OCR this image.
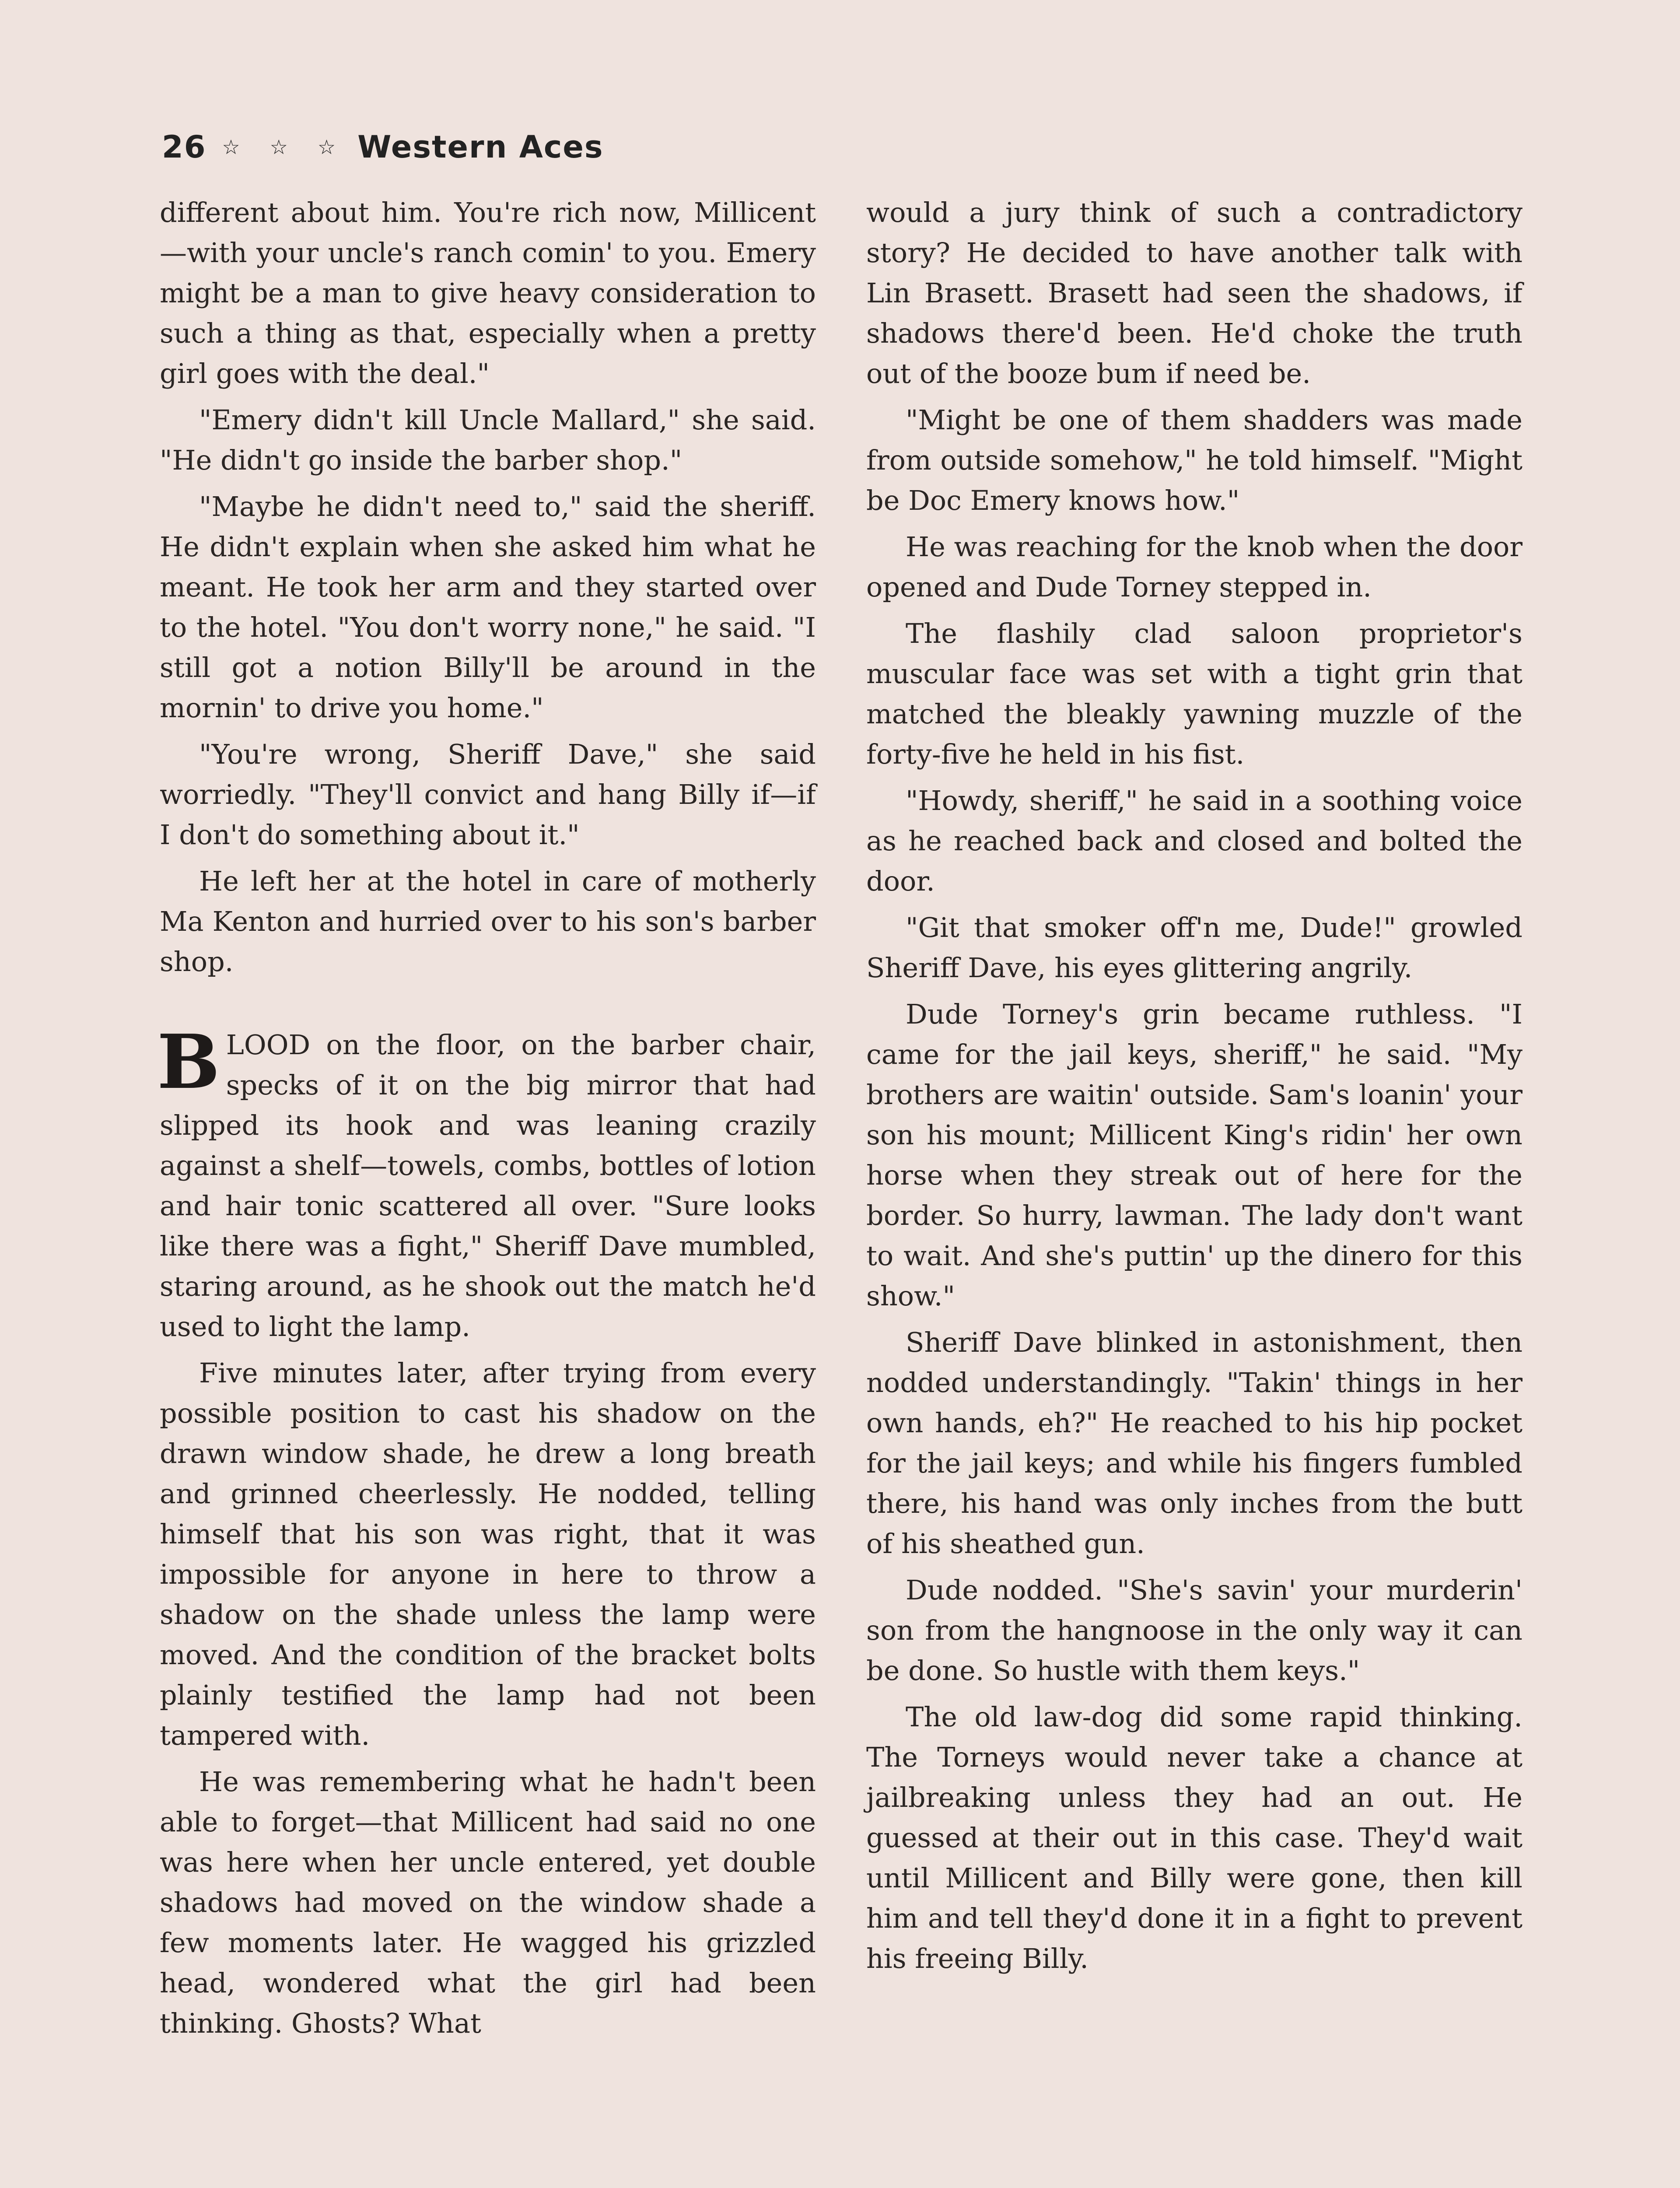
26 ☆ ☆ ☆ Western Aces

different about him. You're rich now, Millicent—with your uncle's ranch comin' to you. Emery might be a man to give heavy consideration to such a thing as that, especially when a pretty girl goes with the deal."

"Emery didn't kill Uncle Mallard," she said. "He didn't go inside the barber shop."

"Maybe he didn't need to," said the sheriff. He didn't explain when she asked him what he meant. He took her arm and they started over to the hotel. "You don't worry none," he said. "I still got a notion Billy'll be around in the mornin' to drive you home."

"You're wrong, Sheriff Dave," she said worriedly. "They'll convict and hang Billy if—if I don't do something about it."

He left her at the hotel in care of motherly Ma Kenton and hurried over to his son's barber shop.

BLOOD on the floor, on the barber chair, specks of it on the big mirror that had slipped its hook and was leaning crazily against a shelf—towels, combs, bottles of lotion and hair tonic scattered all over. "Sure looks like there was a fight," Sheriff Dave mumbled, staring around, as he shook out the match he'd used to light the lamp.

Five minutes later, after trying from every possible position to cast his shadow on the drawn window shade, he drew a long breath and grinned cheerlessly. He nodded, telling himself that his son was right, that it was impossible for anyone in here to throw a shadow on the shade unless the lamp were moved. And the condition of the bracket bolts plainly testified the lamp had not been tampered with.

He was remembering what he hadn't been able to forget—that Millicent had said no one was here when her uncle entered, yet double shadows had moved on the window shade a few moments later. He wagged his grizzled head, wondered what the girl had been thinking. Ghosts? What

would a jury think of such a contradictory story? He decided to have another talk with Lin Brasett. Brasett had seen the shadows, if shadows there'd been. He'd choke the truth out of the booze bum if need be.

"Might be one of them shadders was made from outside somehow," he told himself. "Might be Doc Emery knows how."

He was reaching for the knob when the door opened and Dude Torney stepped in.

The flashily clad saloon proprietor's muscular face was set with a tight grin that matched the bleakly yawning muzzle of the forty-five he held in his fist.

"Howdy, sheriff," he said in a soothing voice as he reached back and closed and bolted the door.

"Git that smoker off'n me, Dude!" growled Sheriff Dave, his eyes glittering angrily.

Dude Torney's grin became ruthless. "I came for the jail keys, sheriff," he said. "My brothers are waitin' outside. Sam's loanin' your son his mount; Millicent King's ridin' her own horse when they streak out of here for the border. So hurry, lawman. The lady don't want to wait. And she's puttin' up the dinero for this show."

Sheriff Dave blinked in astonishment, then nodded understandingly. "Takin' things in her own hands, eh?" He reached to his hip pocket for the jail keys; and while his fingers fumbled there, his hand was only inches from the butt of his sheathed gun.

Dude nodded. "She's savin' your murderin' son from the hangnoose in the only way it can be done. So hustle with them keys."

The old law-dog did some rapid thinking. The Torneys would never take a chance at jailbreaking unless they had an out. He guessed at their out in this case. They'd wait until Millicent and Billy were gone, then kill him and tell they'd done it in a fight to prevent his freeing Billy.
